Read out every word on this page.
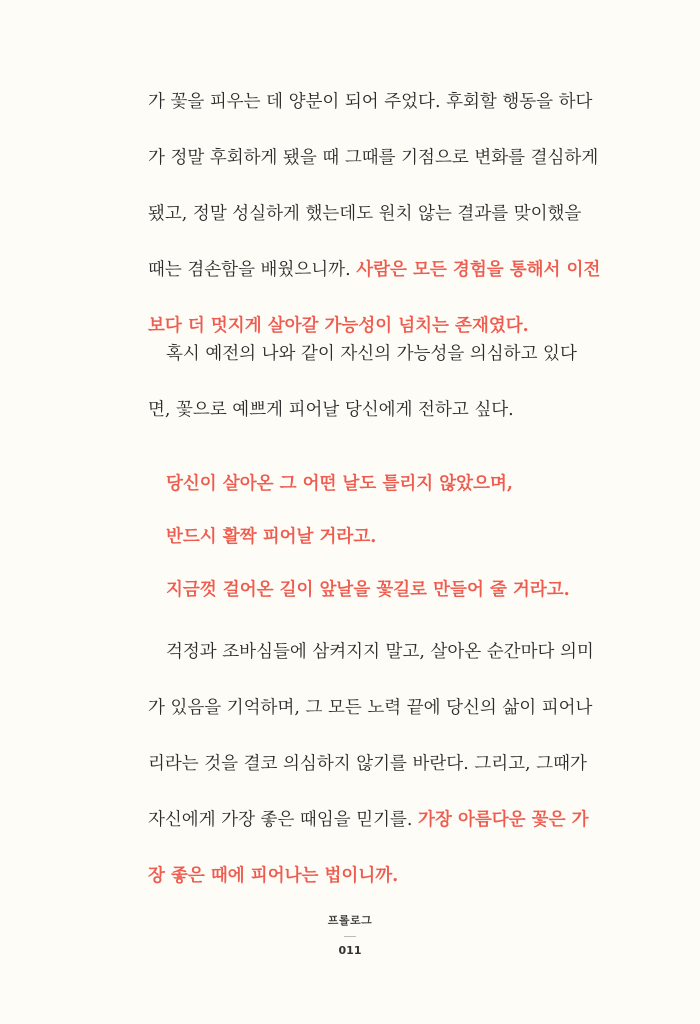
가 꽃을 피우는 데 양분이 되어 주었다. 후회할 행동을 하다
가 정말 후회하게 됐을 때 그때를 기점으로 변화를 결심하게
됐고, 정말 성실하게 했는데도 원치 않는 결과를 맞이했을
때는 겸손함을 배웠으니까. 사람은 모든 경험을 통해서 이전
보다 더 멋지게 살아갈 가능성이 넘치는 존재였다.
혹시 예전의 나와 같이 자신의 가능성을 의심하고 있다
면, 꽃으로 예쁘게 피어날 당신에게 전하고 싶다.
당신이 살아온 그 어떤 날도 틀리지 않았으며,
반드시 활짝 피어날 거라고.
지금껏 걸어온 길이 앞날을 꽃길로 만들어 줄 거라고.
걱정과 조바심들에 삼켜지지 말고, 살아온 순간마다 의미
가 있음을 기억하며, 그 모든 노력 끝에 당신의 삶이 피어나
리라는 것을 결코 의심하지 않기를 바란다. 그리고, 그때가
자신에게 가장 좋은 때임을 믿기를. 가장 아름다운 꽃은 가
장 좋은 때에 피어나는 법이니까.
프롤로그
011
